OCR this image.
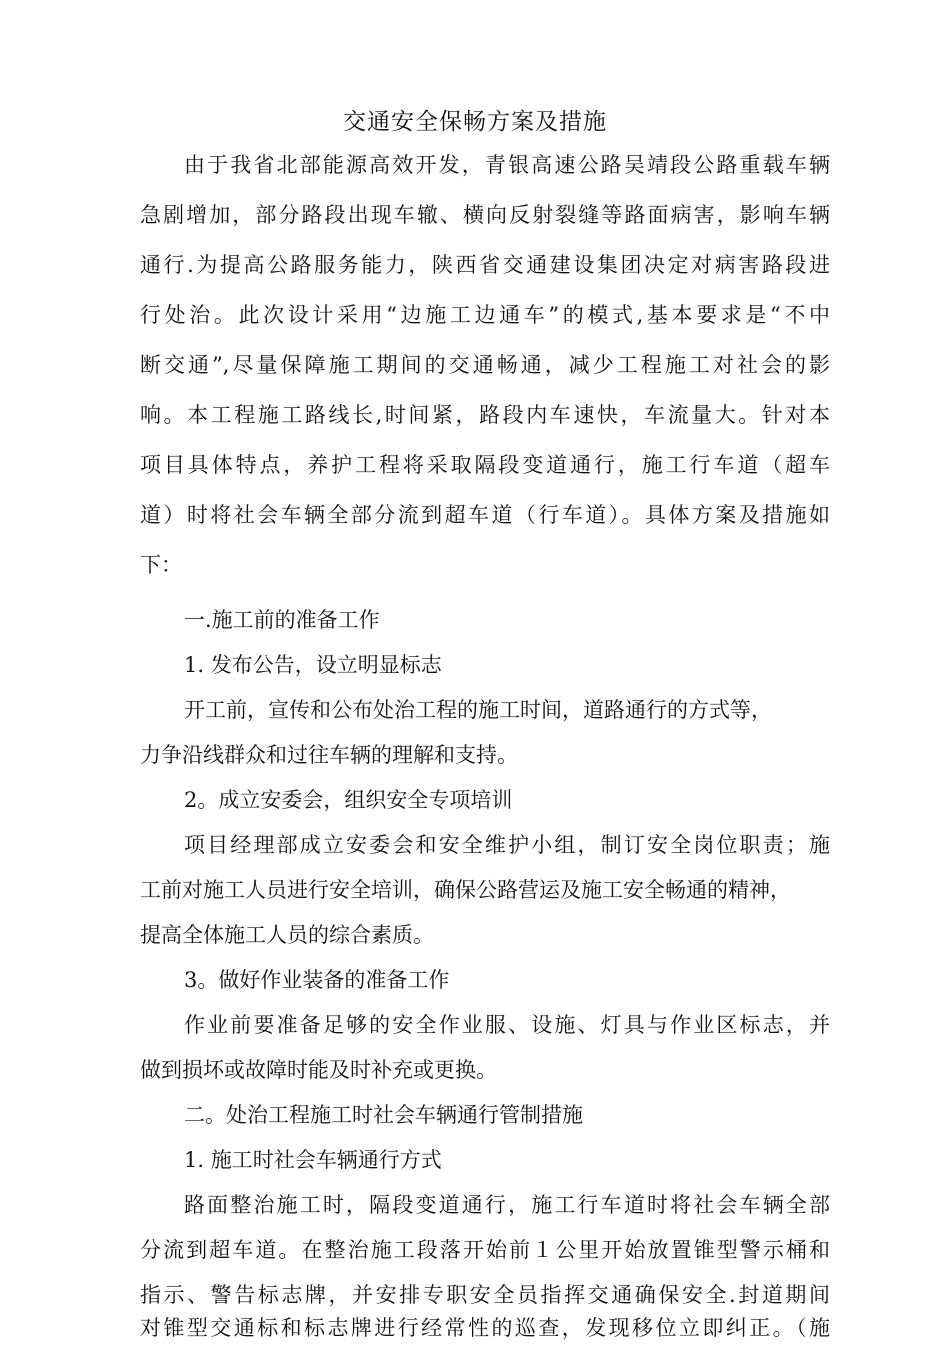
交通安全保畅方案及措施
由于我省北部能源高效开发，青银高速公路吴靖段公路重载车辆
急剧增加，部分路段出现车辙、横向反射裂缝等路面病害，影响车辆
通行.为提高公路服务能力，陕西省交通建设集团决定对病害路段进
行处治。此次设计采用“边施工边通车”的模式,基本要求是“不中
断交通”,尽量保障施工期间的交通畅通，减少工程施工对社会的影
响。本工程施工路线长,时间紧，路段内车速快，车流量大。针对本
项目具体特点，养护工程将采取隔段变道通行，施工行车道（超车
道）时将社会车辆全部分流到超车道（行车道）。具体方案及措施如
下：
一.施工前的准备工作
1. 发布公告，设立明显标志
开工前，宣传和公布处治工程的施工时间，道路通行的方式等，
力争沿线群众和过往车辆的理解和支持。
2。成立安委会，组织安全专项培训
项目经理部成立安委会和安全维护小组，制订安全岗位职责；施
工前对施工人员进行安全培训，确保公路营运及施工安全畅通的精神，
提高全体施工人员的综合素质。
3。做好作业装备的准备工作
作业前要准备足够的安全作业服、设施、灯具与作业区标志，并
做到损坏或故障时能及时补充或更换。
二。处治工程施工时社会车辆通行管制措施
1. 施工时社会车辆通行方式
路面整治施工时，隔段变道通行，施工行车道时将社会车辆全部
分流到超车道。在整治施工段落开始前１公里开始放置锥型警示桶和
指示、警告标志牌，并安排专职安全员指挥交通确保安全.封道期间
对锥型交通标和标志牌进行经常性的巡查，发现移位立即纠正。（施
